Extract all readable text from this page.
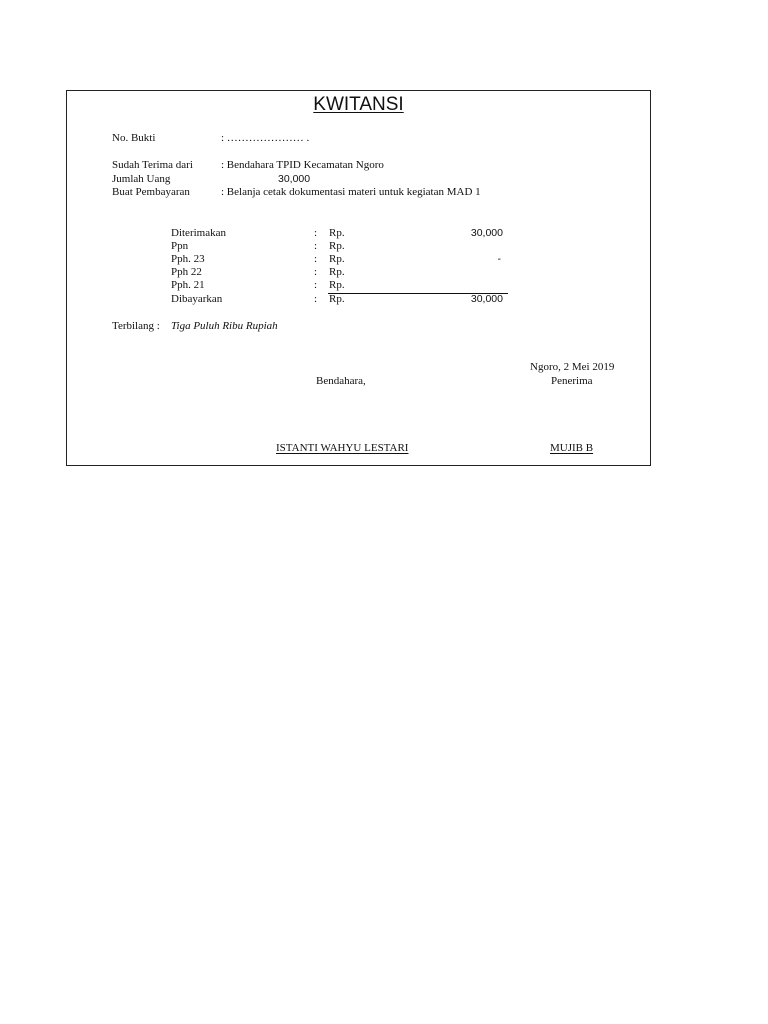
KWITANSI
No. Bukti	: ………………… .
Sudah Terima dari	: Bendahara TPID Kecamatan Ngoro
Jumlah Uang	30,000
Buat Pembayaran	: Belanja cetak dokumentasi materi untuk kegiatan MAD 1
Diterimakan	: Rp.	30,000
Ppn	: Rp.
Pph. 23	: Rp.	-
Pph 22	: Rp.
Pph. 21	: Rp.
Dibayarkan	: Rp.	30,000
Terbilang : Tiga Puluh Ribu Rupiah
Ngoro, 2 Mei 2019
Bendahara,	Penerima
ISTANTI WAHYU LESTARI	MUJIB B
